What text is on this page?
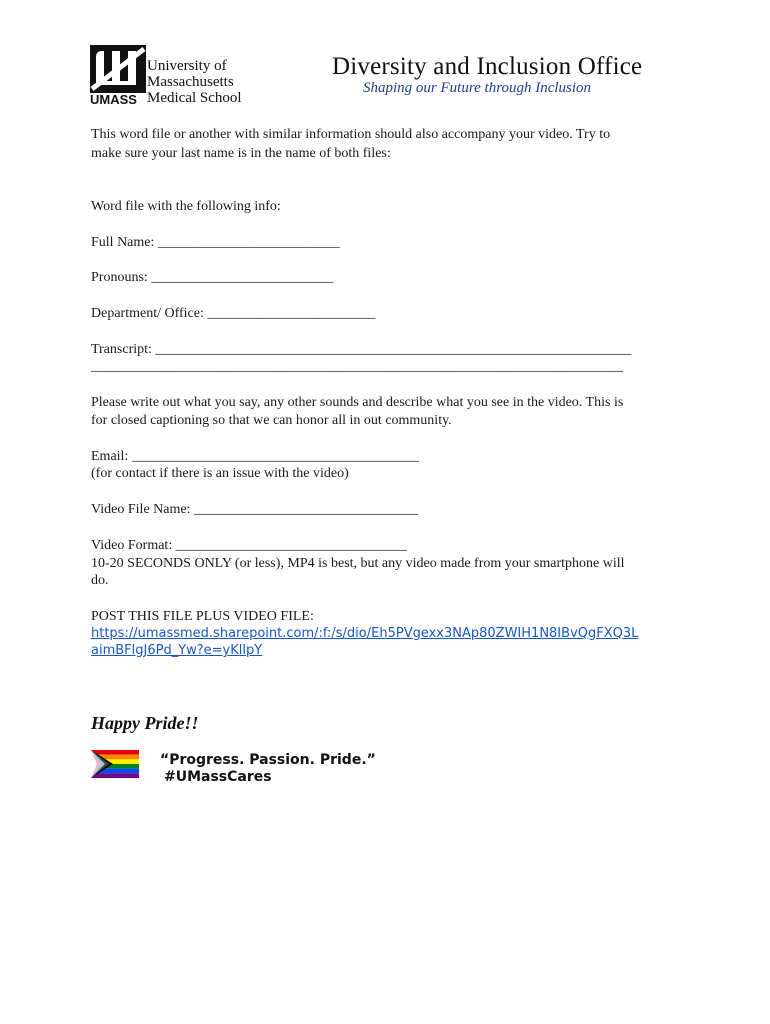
University of
Massachusetts
UMASS Medical School
Diversity and Inclusion Office
Shaping our Future through Inclusion
This word file or another with similar information should also accompany your video. Try to
make sure your last name is in the name of both files:
Word file with the following info:
Full Name: __________________________
Pronouns: __________________________
Department/ Office: ________________________
Transcript: ____________________________________________________________________
____________________________________________________________________________
Please write out what you say, any other sounds and describe what you see in the video. This is
for closed captioning so that we can honor all in out community.
Email: _________________________________________
(for contact if there is an issue with the video)
Video File Name: ________________________________
Video Format: _________________________________
10-20 SECONDS ONLY (or less), MP4 is best, but any video made from your smartphone will
do.
POST THIS FILE PLUS VIDEO FILE:
https://umassmed.sharepoint.com/:f:/s/dio/Eh5PVgexx3NAp80ZWIH1N8IBvQgFXQ3L
aimBFlgJ6Pd_Yw?e=yKllpY
Happy Pride!!
“Progress. Passion. Pride.”
#UMassCares
